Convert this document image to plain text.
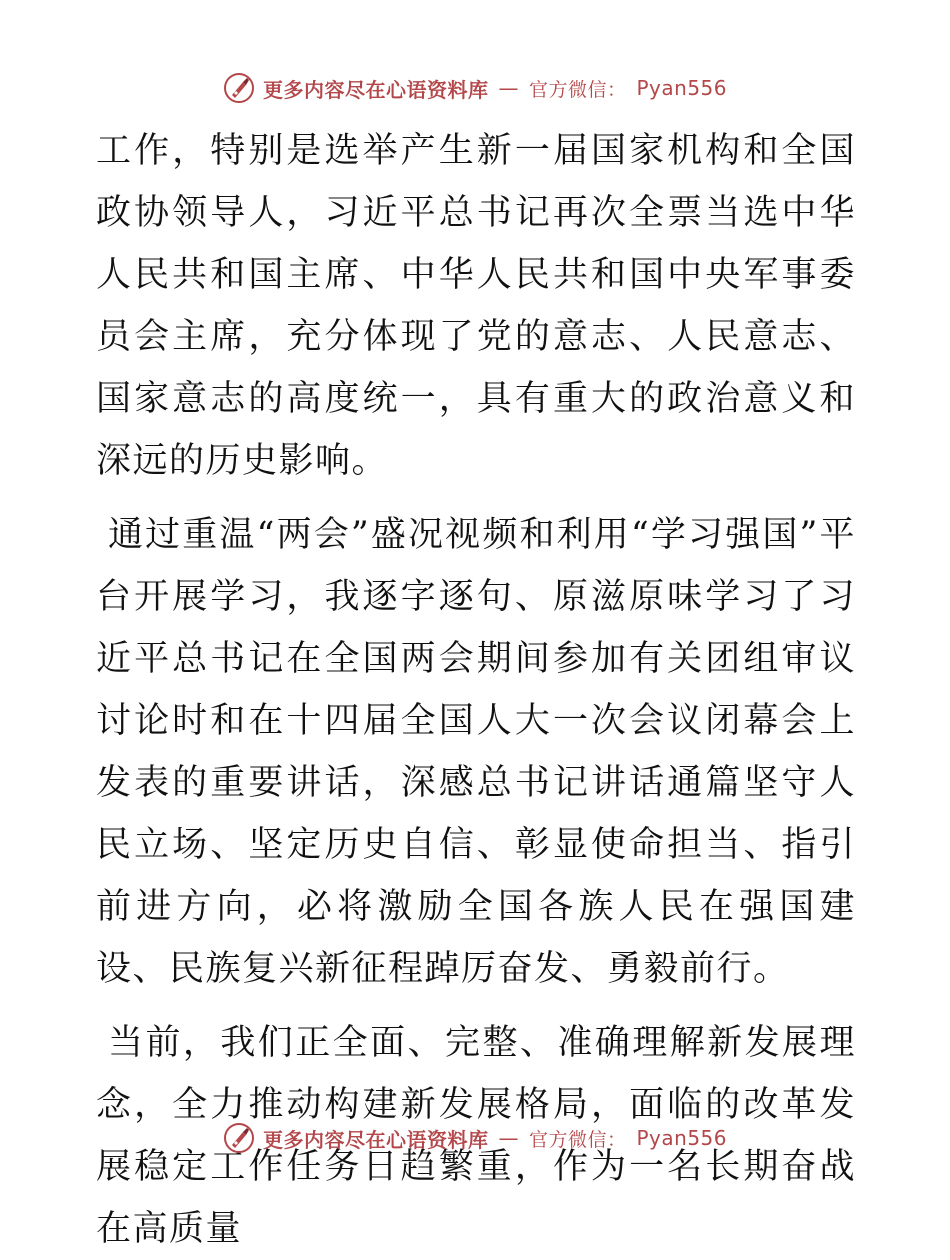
更多内容尽在心语资料库 — 官方微信： Pyan556

工作，特别是选举产生新一届国家机构和全国政协领导人，习近平总书记再次全票当选中华人民共和国主席、中华人民共和国中央军事委员会主席，充分体现了党的意志、人民意志、国家意志的高度统一，具有重大的政治意义和深远的历史影响。

通过重温“两会”盛况视频和利用“学习强国”平台开展学习，我逐字逐句、原滋原味学习了习近平总书记在全国两会期间参加有关团组审议讨论时和在十四届全国人大一次会议闭幕会上发表的重要讲话，深感总书记讲话通篇坚守人民立场、坚定历史自信、彰显使命担当、指引前进方向，必将激励全国各族人民在强国建设、民族复兴新征程踔厉奋发、勇毅前行。

当前，我们正全面、完整、准确理解新发展理念，全力推动构建新发展格局，面临的改革发展稳定工作任务日趋繁重，作为一名长期奋战在高质量

更多内容尽在心语资料库 — 官方微信： Pyan556
